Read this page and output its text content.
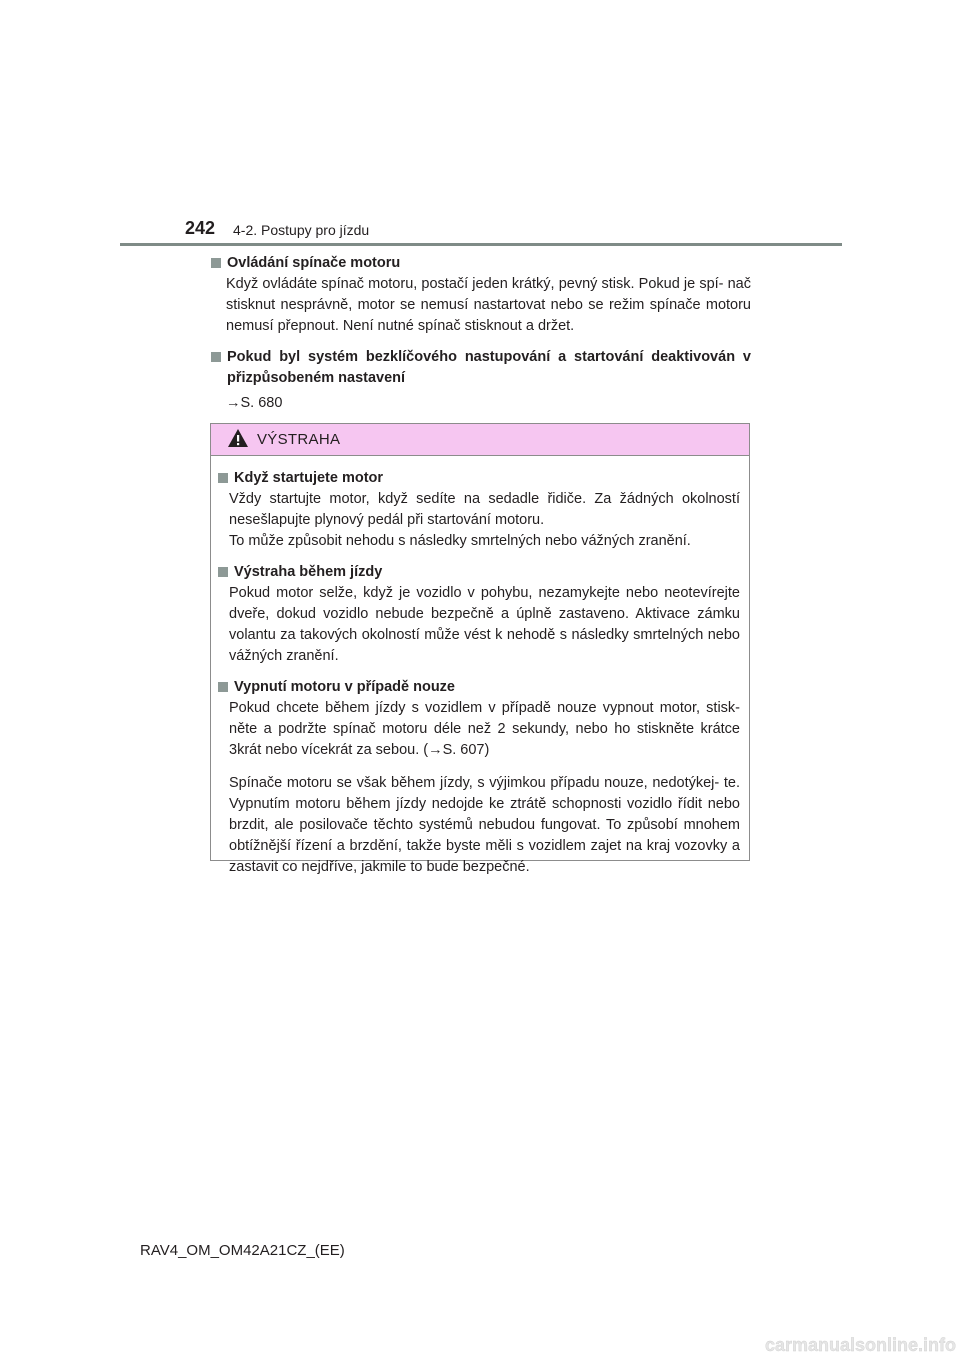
242 4-2. Postupy pro jízdu
Ovládání spínače motoru
Když ovládáte spínač motoru, postačí jeden krátký, pevný stisk. Pokud je spí- nač stisknut nesprávně, motor se nemusí nastartovat nebo se režim spínače motoru nemusí přepnout. Není nutné spínač stisknout a držet.
Pokud byl systém bezklíčového nastupování a startování deaktivován v přizpůsobeném nastavení
→S. 680
VÝSTRAHA
Když startujete motor
Vždy startujte motor, když sedíte na sedadle řidiče. Za žádných okolností nesešlapujte plynový pedál při startování motoru.
To může způsobit nehodu s následky smrtelných nebo vážných zranění.
Výstraha během jízdy
Pokud motor selže, když je vozidlo v pohybu, nezamykejte nebo neotevírejte dveře, dokud vozidlo nebude bezpečně a úplně zastaveno. Aktivace zámku volantu za takových okolností může vést k nehodě s následky smrtelných nebo vážných zranění.
Vypnutí motoru v případě nouze
Pokud chcete během jízdy s vozidlem v případě nouze vypnout motor, stisk- něte a podržte spínač motoru déle než 2 sekundy, nebo ho stiskněte krátce 3krát nebo vícekrát za sebou. (→S. 607)
Spínače motoru se však během jízdy, s výjimkou případu nouze, nedotýkej- te. Vypnutím motoru během jízdy nedojde ke ztrátě schopnosti vozidlo řídit nebo brzdit, ale posilovače těchto systémů nebudou fungovat. To způsobí mnohem obtížnější řízení a brzdění, takže byste měli s vozidlem zajet na kraj vozovky a zastavit co nejdříve, jakmile to bude bezpečné.
RAV4_OM_OM42A21CZ_(EE)
carmanualsonline.info
